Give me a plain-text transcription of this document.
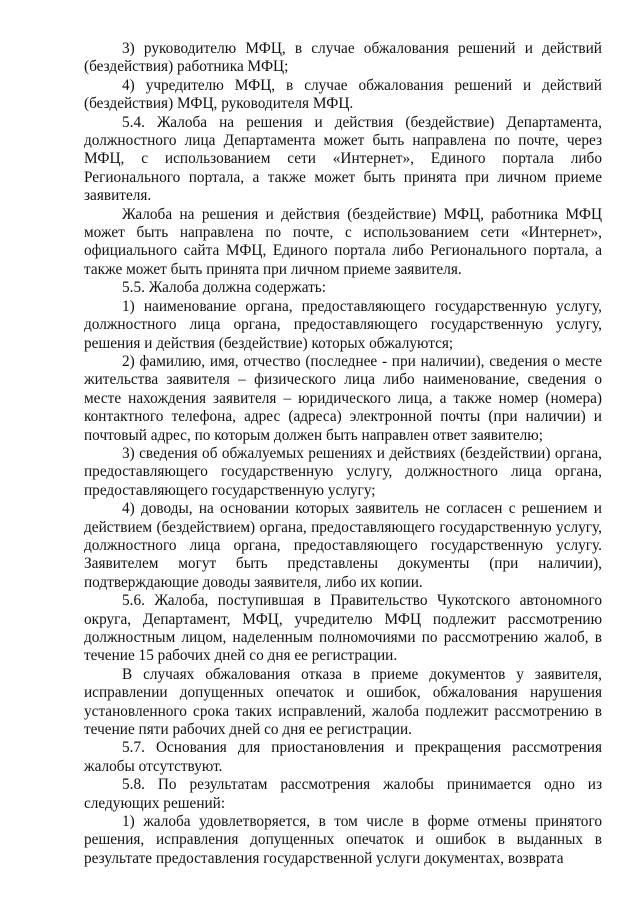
3) руководителю МФЦ, в случае обжалования решений и действий (бездействия) работника МФЦ;

4) учредителю МФЦ, в случае обжалования решений и действий (бездействия) МФЦ, руководителя МФЦ.

5.4. Жалоба на решения и действия (бездействие) Департамента, должностного лица Департамента может быть направлена по почте, через МФЦ, с использованием сети «Интернет», Единого портала либо Регионального портала, а также может быть принята при личном приеме заявителя.

Жалоба на решения и действия (бездействие) МФЦ, работника МФЦ может быть направлена по почте, с использованием сети «Интернет», официального сайта МФЦ, Единого портала либо Регионального портала, а также может быть принята при личном приеме заявителя.

5.5. Жалоба должна содержать:

1) наименование органа, предоставляющего государственную услугу, должностного лица органа, предоставляющего государственную услугу, решения и действия (бездействие) которых обжалуются;

2) фамилию, имя, отчество (последнее - при наличии), сведения о месте жительства заявителя – физического лица либо наименование, сведения о месте нахождения заявителя – юридического лица, а также номер (номера) контактного телефона, адрес (адреса) электронной почты (при наличии) и почтовый адрес, по которым должен быть направлен ответ заявителю;

3) сведения об обжалуемых решениях и действиях (бездействии) органа, предоставляющего государственную услугу, должностного лица органа, предоставляющего государственную услугу;

4) доводы, на основании которых заявитель не согласен с решением и действием (бездействием) органа, предоставляющего государственную услугу, должностного лица органа, предоставляющего государственную услугу. Заявителем могут быть представлены документы (при наличии), подтверждающие доводы заявителя, либо их копии.

5.6. Жалоба, поступившая в Правительство Чукотского автономного округа, Департамент, МФЦ, учредителю МФЦ подлежит рассмотрению должностным лицом, наделенным полномочиями по рассмотрению жалоб, в течение 15 рабочих дней со дня ее регистрации.

В случаях обжалования отказа в приеме документов у заявителя, исправлении допущенных опечаток и ошибок, обжалования нарушения установленного срока таких исправлений, жалоба подлежит рассмотрению в течение пяти рабочих дней со дня ее регистрации.

5.7. Основания для приостановления и прекращения рассмотрения жалобы отсутствуют.

5.8. По результатам рассмотрения жалобы принимается одно из следующих решений:

1) жалоба удовлетворяется, в том числе в форме отмены принятого решения, исправления допущенных опечаток и ошибок в выданных в результате предоставления государственной услуги документах, возврата
